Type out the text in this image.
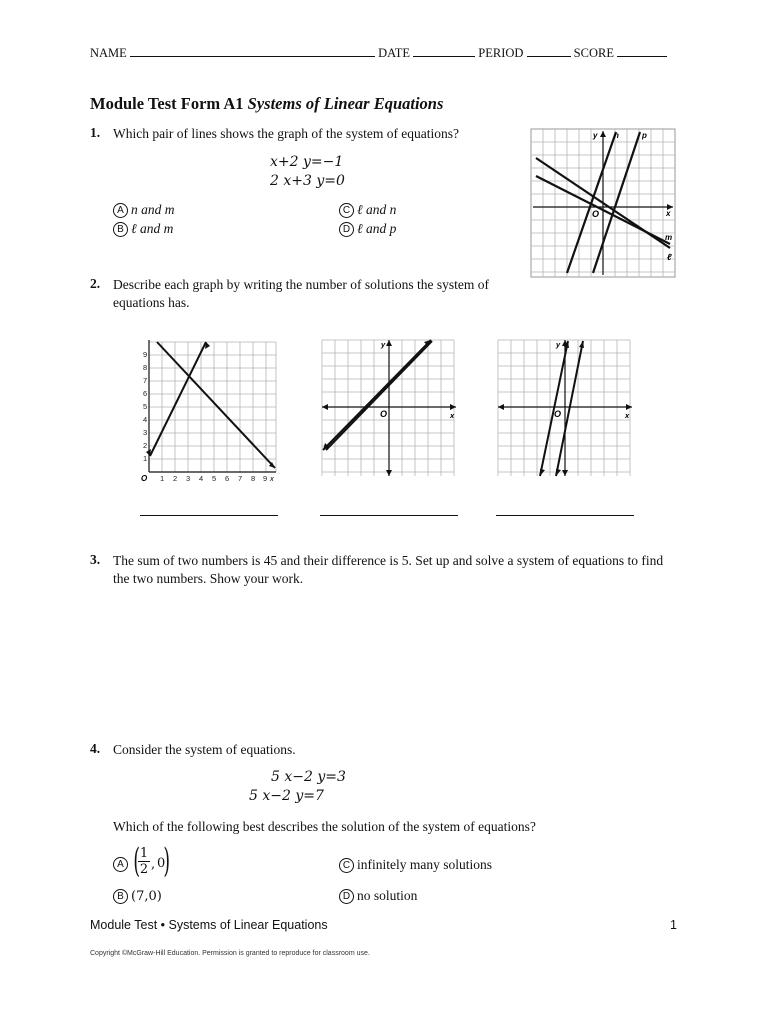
NAME	DATE	PERIOD	SCORE
Module Test Form A1 Systems of Linear Equations
1. Which pair of lines shows the graph of the system of equations?
x+2 y=−1
2 x+3 y=0
A n and m
B ℓ and m
C ℓ and n
D ℓ and p
y n	p
O	x
m
ℓ
2. Describe each graph by writing the number of solutions the system of
equations has.
1
2
3
4
5
6
7
8
9
1 2 3 4 5 6 7 8 9
O	x
y
O	x
y
O	x
3. The sum of two numbers is 45 and their difference is 5. Set up and solve a system of equations to find
the two numbers. Show your work.
4. Consider the system of equations.
5 x−2 y=3
5 x−2 y=7
Which of the following best describes the solution of the system of equations?
A (
$\frac{1}{2}$ , 0
)
B (7,0)
C infinitely many solutions
D no solution
Module Test • Systems of Linear Equations	1
Copyright ©McGraw-Hill Education. Permission is granted to reproduce for classroom use.
